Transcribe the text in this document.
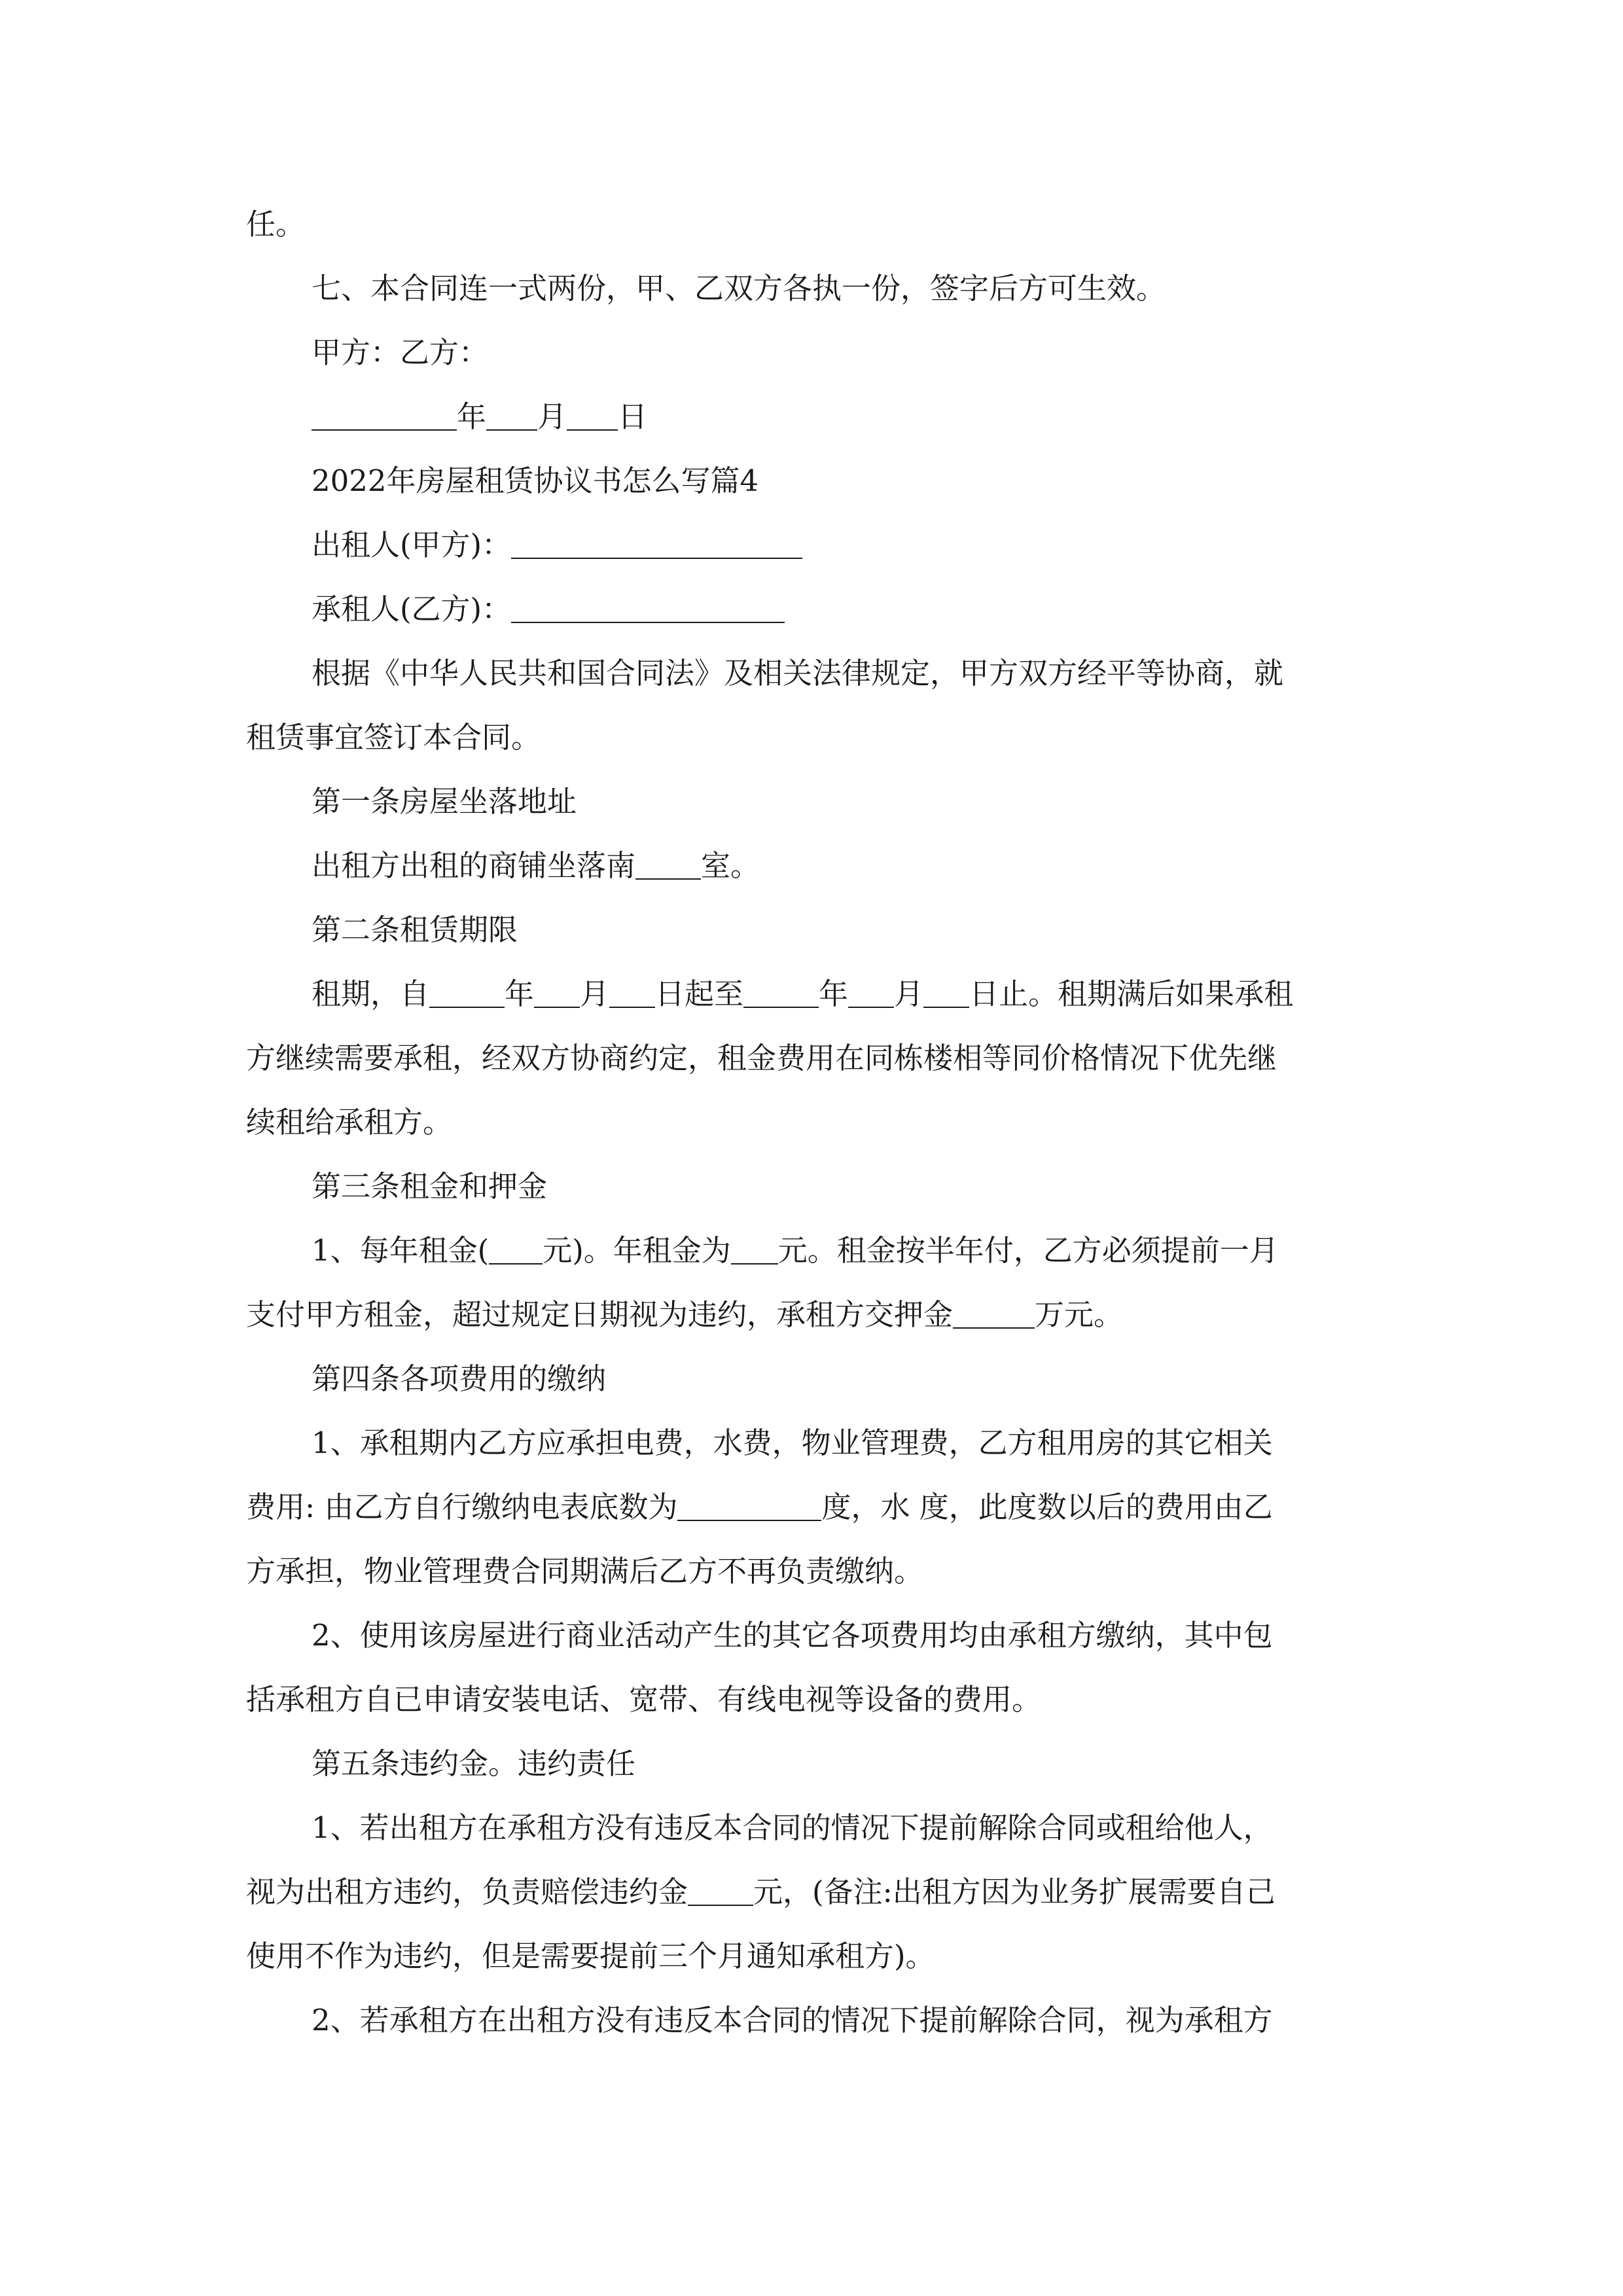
任。
七、本合同连一式两份，甲、乙双方各执一份，签字后方可生效。
甲方：乙方：
年 月 日
2022年房屋租赁协议书怎么写篇4
出租人(甲方)：
承租人(乙方)：
根据《中华人民共和国合同法》及相关法律规定，甲方双方经平等协商，就
租赁事宜签订本合同。
第一条房屋坐落地址
出租方出租的商铺坐落南 室。
第二条租赁期限
租期，自	年 月 日起至	年 月 日止。租期满后如果承租
方继续需要承租，经双方协商约定，租金费用在同栋楼相等同价格情况下优先继
续租给承租方。
第三条租金和押金
1、每年租金( 元)。年租金为 元。租金按半年付，乙方必须提前一月
支付甲方租金，超过规定日期视为违约，承租方交押金	万元。
第四条各项费用的缴纳
1、承租期内乙方应承担电费，水费，物业管理费，乙方租用房的其它相关
费用: 由乙方自行缴纳电表底数为	度，水 度，此度数以后的费用由乙
方承担，物业管理费合同期满后乙方不再负责缴纳。
2、使用该房屋进行商业活动产生的其它各项费用均由承租方缴纳，其中包
括承租方自已申请安装电话、宽带、有线电视等设备的费用。
第五条违约金。违约责任
1、若出租方在承租方没有违反本合同的情况下提前解除合同或租给他人，
视为出租方违约，负责赔偿违约金 元，(备注:出租方因为业务扩展需要自己
使用不作为违约，但是需要提前三个月通知承租方)。
2、若承租方在出租方没有违反本合同的情况下提前解除合同，视为承租方
